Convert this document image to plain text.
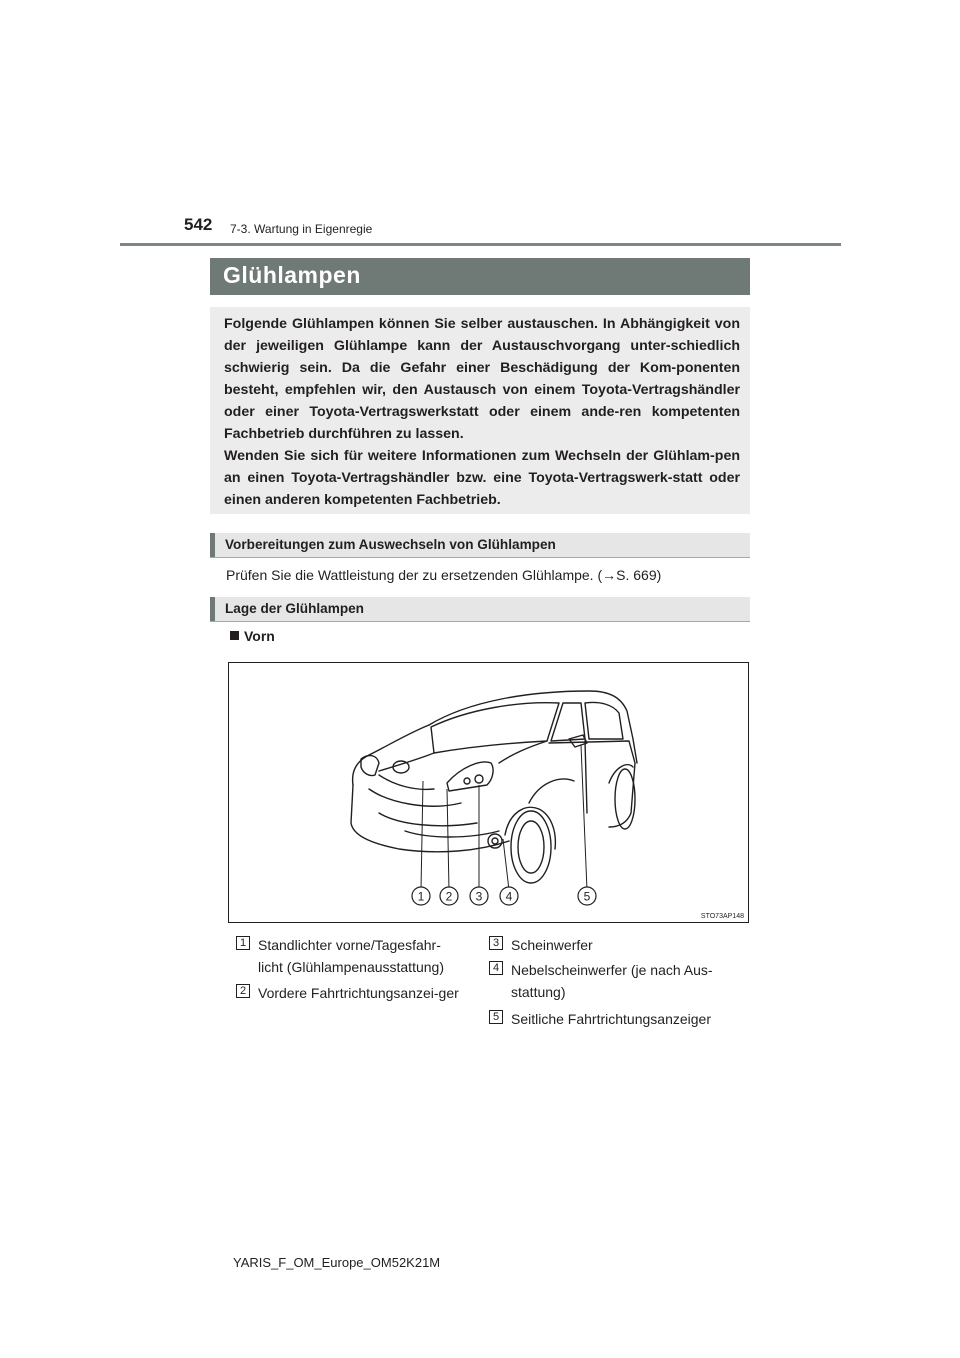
542 7-3. Wartung in Eigenregie
Glühlampen

Folgende Glühlampen können Sie selber austauschen. In Abhängigkeit von der jeweiligen Glühlampe kann der Austauschvorgang unter-schiedlich schwierig sein. Da die Gefahr einer Beschädigung der Kom-ponenten besteht, empfehlen wir, den Austausch von einem Toyota-Vertragshändler oder einer Toyota-Vertragswerkstatt oder einem ande-ren kompetenten Fachbetrieb durchführen zu lassen.

Wenden Sie sich für weitere Informationen zum Wechseln der Glühlam-pen an einen Toyota-Vertragshändler bzw. eine Toyota-Vertragswerk-statt oder einen anderen kompetenten Fachbetrieb.

Vorbereitungen zum Auswechseln von Glühlampen
Prüfen Sie die Wattleistung der zu ersetzenden Glühlampe. (→S. 669)
Lage der Glühlampen
Vorn
1 2 3 4	5
STO73AP148
1 Standlichter vorne/Tagesfahr-licht (Glühlampenausstattung)
2 Vordere Fahrtrichtungsanzei-ger
3 Scheinwerfer
4 Nebelscheinwerfer (je nach Aus-stattung)
5 Seitliche Fahrtrichtungsanzeiger
YARIS_F_OM_Europe_OM52K21M
